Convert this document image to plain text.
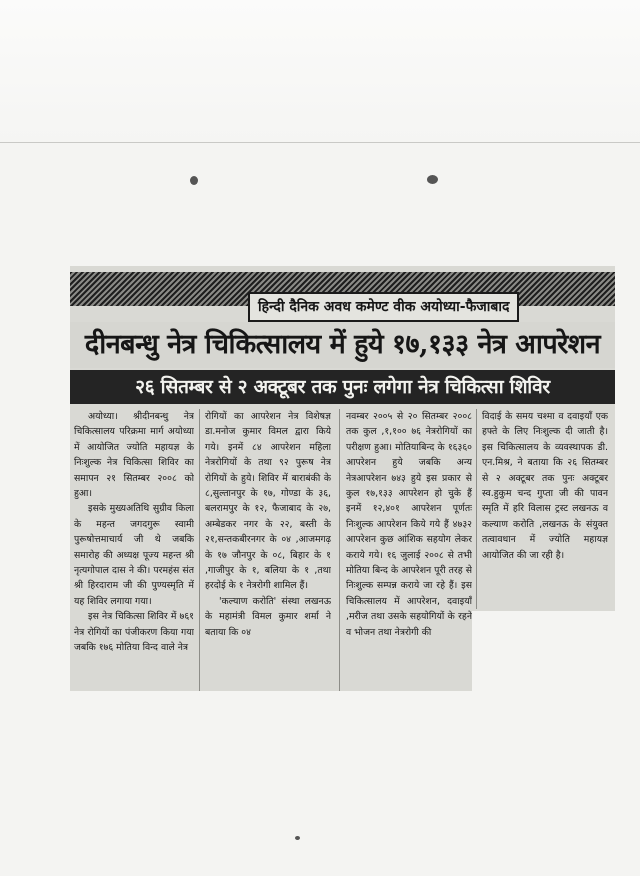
हिन्दी दैनिक अवध कमेण्ट वीक अयोध्या-फैजाबाद
दीनबन्धु नेत्र चिकित्सालय में हुये १७,१३३ नेत्र आपरेशन
२६ सितम्बर से २ अक्टूबर तक पुनः लगेगा नेत्र चिकित्सा शिविर

अयोध्या। श्रीदीनबन्धु नेत्र चिकित्सालय परिक्रमा मार्ग अयोध्या में आयोजित ज्योति महायज्ञ के निःशुल्क नेत्र चिकित्सा शिविर का समापन २१ सितम्बर २००८ को हुआ।

इसके मुख्यअतिथि सुग्रीव किला के महन्त जगदगुरू स्वामी पुरूषोत्तमाचार्य जी थे जबकि समारोह की अध्यक्ष पूज्य महन्त श्री नृत्यगोपाल दास ने की। परमहंस संत श्री हिरदाराम जी की पुण्यस्मृति में यह शिविर लगाया गया।

इस नेत्र चिकित्सा शिविर में ७६१ नेत्र रोगियों का पंजीकरण किया गया जबकि १७६ मोतिया विन्द वाले नेत्र

रोगियों का आपरेशन नेत्र विशेषज्ञ डा.मनोज कुमार विमल द्वारा किये गये। इनमें ८४ आपरेशन महिला नेत्ररोगियों के तथा ९२ पुरूष नेत्र रोगियों के हुये। शिविर में बाराबंकी के ८,सुल्तानपुर के १७, गोण्डा के ३६, बलरामपुर के १२, फैजाबाद के २७, अम्बेडकर नगर के २२, बस्ती के २१,सन्तकबीरनगर के ०४ ,आजमगढ़ के १७ जौनपुर के ०८, बिहार के १ ,गाजीपुर के १, बलिया के १ ,तथा हरदोई के १ नेत्ररोगी शामिल हैं।

'कल्याण करोति' संस्था लखनऊ के महामंत्री विमल कुमार शर्मा ने बताया कि ०४

नवम्बर २००५ से २० सितम्बर २००८ तक कुल ,१,१०० ७६ नेत्ररोगियों का परीक्षण हुआ। मोतियाबिन्द के १६३६० आपरेशन हुये जबकि अन्य नेत्रआपरेशन ७४३ हुये इस प्रकार से कुल १७,१३३ आपरेशन हो चुके हैं इनमें १२,४०१ आपरेशन पूर्णतः निःशुल्क आपरेशन किये गये हैं ४७३२ आपरेशन कुछ आंशिक सहयोग लेकर कराये गये। १६ जुलाई २००८ से तभी मोतिया बिन्द के आपरेशन पूरी तरह से निःशुल्क सम्पन्न कराये जा रहे हैं। इस चिकित्सालय में आपरेशन, दवाइयाँ ,मरीज तथा उसके सहयोगियों के रहने व भोजन तथा नेत्ररोगी की

विदाई के समय चश्मा व दवाइयाँ एक हफ्ते के लिए निःशुल्क दी जाती है। इस चिकित्सालय के व्यवस्थापक डी. एन.मिश्र, ने बताया कि २६ सितम्बर से २ अक्टूबर तक पुनः अक्टूबर स्व.हुकुम चन्द गुप्ता जी की पावन स्मृति में हरि विलास ट्रस्ट लखनऊ व कल्याण करोति ,लखनऊ के संयुक्त तत्वावधान में ज्योति महायज्ञ आयोजित की जा रही है।
